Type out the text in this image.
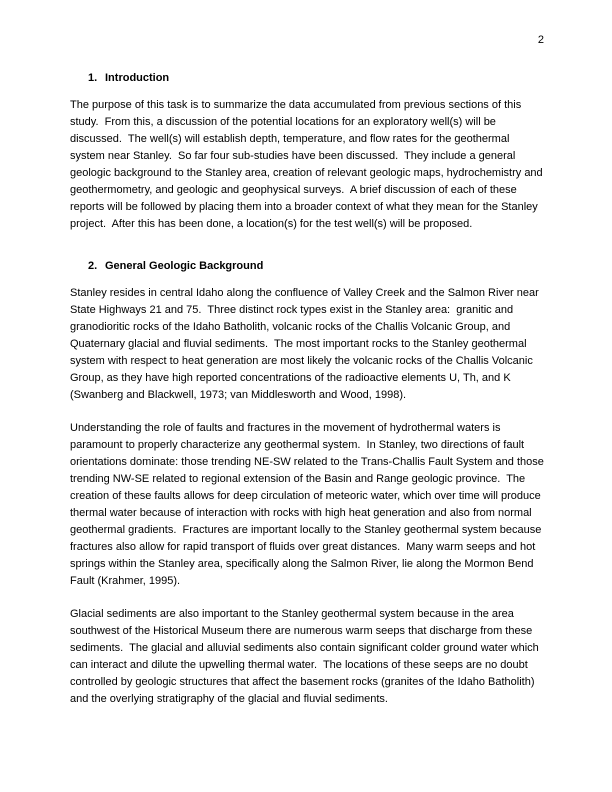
2
1. Introduction

The purpose of this task is to summarize the data accumulated from previous sections of this study.  From this, a discussion of the potential locations for an exploratory well(s) will be discussed.  The well(s) will establish depth, temperature, and flow rates for the geothermal system near Stanley.  So far four sub-studies have been discussed.  They include a general geologic background to the Stanley area, creation of relevant geologic maps, hydrochemistry and geothermometry, and geologic and geophysical surveys.  A brief discussion of each of these reports will be followed by placing them into a broader context of what they mean for the Stanley project.  After this has been done, a location(s) for the test well(s) will be proposed.

2. General Geologic Background

Stanley resides in central Idaho along the confluence of Valley Creek and the Salmon River near State Highways 21 and 75.  Three distinct rock types exist in the Stanley area:  granitic and granodioritic rocks of the Idaho Batholith, volcanic rocks of the Challis Volcanic Group, and Quaternary glacial and fluvial sediments.  The most important rocks to the Stanley geothermal system with respect to heat generation are most likely the volcanic rocks of the Challis Volcanic Group, as they have high reported concentrations of the radioactive elements U, Th, and K (Swanberg and Blackwell, 1973; van Middlesworth and Wood, 1998).

Understanding the role of faults and fractures in the movement of hydrothermal waters is paramount to properly characterize any geothermal system.  In Stanley, two directions of fault orientations dominate: those trending NE-SW related to the Trans-Challis Fault System and those trending NW-SE related to regional extension of the Basin and Range geologic province.  The creation of these faults allows for deep circulation of meteoric water, which over time will produce thermal water because of interaction with rocks with high heat generation and also from normal geothermal gradients.  Fractures are important locally to the Stanley geothermal system because fractures also allow for rapid transport of fluids over great distances.  Many warm seeps and hot springs within the Stanley area, specifically along the Salmon River, lie along the Mormon Bend Fault (Krahmer, 1995).

Glacial sediments are also important to the Stanley geothermal system because in the area southwest of the Historical Museum there are numerous warm seeps that discharge from these sediments.  The glacial and alluvial sediments also contain significant colder ground water which can interact and dilute the upwelling thermal water.  The locations of these seeps are no doubt controlled by geologic structures that affect the basement rocks (granites of the Idaho Batholith) and the overlying stratigraphy of the glacial and fluvial sediments.
